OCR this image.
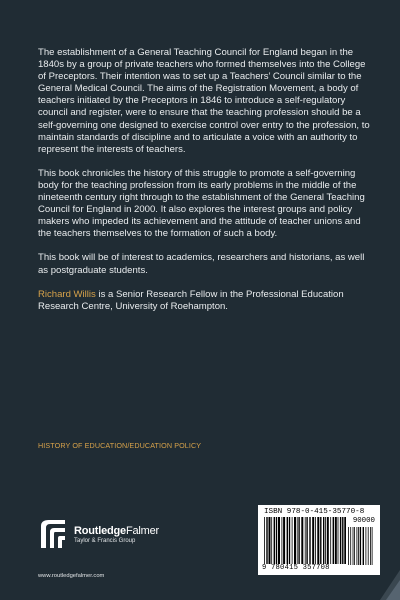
The establishment of a General Teaching Council for England began in the 1840s by a group of private teachers who formed themselves into the College of Preceptors. Their intention was to set up a Teachers’ Council similar to the General Medical Council. The aims of the Registration Movement, a body of teachers initiated by the Preceptors in 1846 to introduce a self-regulatory council and register, were to ensure that the teaching profession should be a self-governing one designed to exercise control over entry to the profession, to maintain standards of discipline and to articulate a voice with an authority to represent the interests of teachers.

This book chronicles the history of this struggle to promote a self-governing body for the teaching profession from its early problems in the middle of the nineteenth century right through to the establishment of the General Teaching Council for England in 2000. It also explores the interest groups and policy makers who impeded its achievement and the attitude of teacher unions and the teachers themselves to the formation of such a body.

This book will be of interest to academics, researchers and historians, as well as postgraduate students.

Richard Willis is a Senior Research Fellow in the Professional Education Research Centre, University of Roehampton.

HISTORY OF EDUCATION/EDUCATION POLICY
RoutledgeFalmer
Taylor & Francis Group
www.routledgefalmer.com
ISBN 978-0-415-35770-8
90000
9 780415 357708
